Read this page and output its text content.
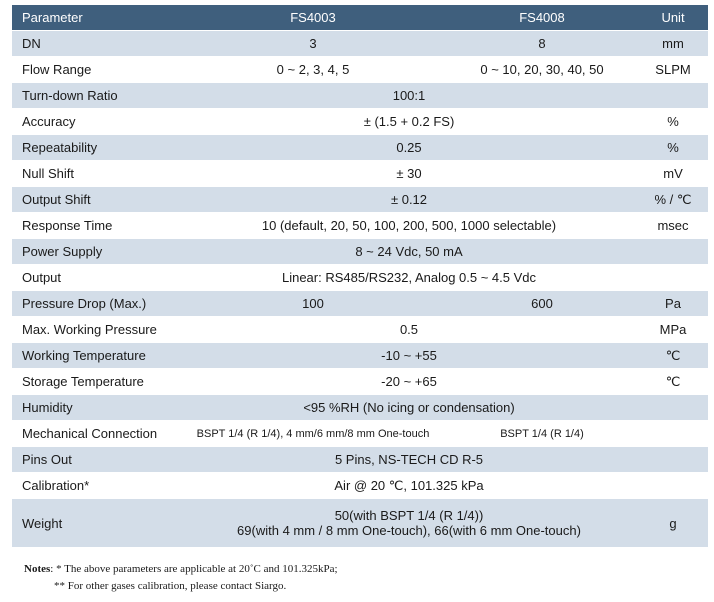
Parameter	FS4003	FS4008	Unit
DN	3	8	mm
Flow Range	0 ~ 2, 3, 4, 5	0 ~ 10, 20, 30, 40, 50	SLPM
Turn-down Ratio	100:1		
Accuracy	± (1.5 + 0.2 FS)		%
Repeatability	0.25		%
Null Shift	± 30		mV
Output Shift	± 0.12		% / ℃
Response Time	10 (default, 20, 50, 100, 200, 500, 1000 selectable)		msec
Power Supply	8 ~ 24 Vdc, 50 mA		
Output	Linear: RS485/RS232, Analog 0.5 ~ 4.5 Vdc		
Pressure Drop (Max.)	100	600	Pa
Max. Working Pressure	0.5		MPa
Working Temperature	-10 ~ +55		℃
Storage Temperature	-20 ~ +65		℃
Humidity	<95 %RH (No icing or condensation)		
Mechanical Connection	BSPT 1/4 (R 1/4), 4 mm/6 mm/8 mm One-touch	BSPT 1/4 (R 1/4)	
Pins Out	5 Pins, NS-TECH CD R-5		
Calibration*	Air @ 20 ℃, 101.325 kPa		
Weight	50(with BSPT 1/4 (R 1/4))
69(with 4 mm / 8 mm One-touch), 66(with 6 mm One-touch)		g
Notes: * The above parameters are applicable at 20˚C and 101.325kPa;
** For other gases calibration, please contact Siargo.
